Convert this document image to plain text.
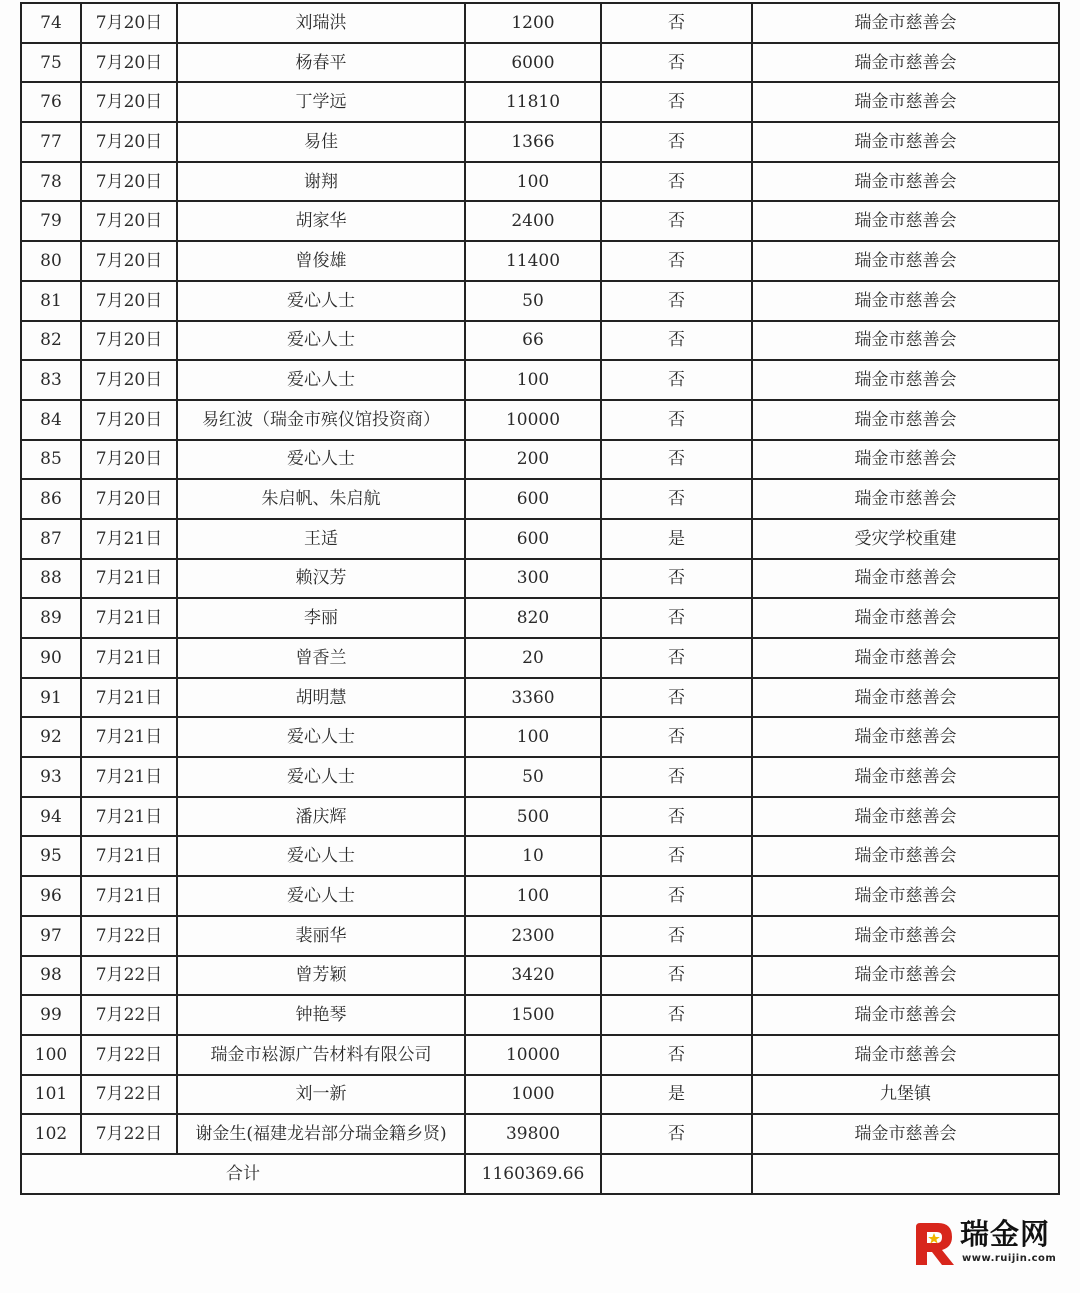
74	7月20日	刘瑞洪	1200	否	瑞金市慈善会
75	7月20日	杨春平	6000	否	瑞金市慈善会
76	7月20日	丁学远	11810	否	瑞金市慈善会
77	7月20日	易佳	1366	否	瑞金市慈善会
78	7月20日	谢翔	100	否	瑞金市慈善会
79	7月20日	胡家华	2400	否	瑞金市慈善会
80	7月20日	曾俊雄	11400	否	瑞金市慈善会
81	7月20日	爱心人士	50	否	瑞金市慈善会
82	7月20日	爱心人士	66	否	瑞金市慈善会
83	7月20日	爱心人士	100	否	瑞金市慈善会
84	7月20日	易红波（瑞金市殡仪馆投资商）	10000	否	瑞金市慈善会
85	7月20日	爱心人士	200	否	瑞金市慈善会
86	7月20日	朱启帆、朱启航	600	否	瑞金市慈善会
87	7月21日	王适	600	是	受灾学校重建
88	7月21日	赖汉芳	300	否	瑞金市慈善会
89	7月21日	李丽	820	否	瑞金市慈善会
90	7月21日	曾香兰	20	否	瑞金市慈善会
91	7月21日	胡明慧	3360	否	瑞金市慈善会
92	7月21日	爱心人士	100	否	瑞金市慈善会
93	7月21日	爱心人士	50	否	瑞金市慈善会
94	7月21日	潘庆辉	500	否	瑞金市慈善会
95	7月21日	爱心人士	10	否	瑞金市慈善会
96	7月21日	爱心人士	100	否	瑞金市慈善会
97	7月22日	裴丽华	2300	否	瑞金市慈善会
98	7月22日	曾芳颖	3420	否	瑞金市慈善会
99	7月22日	钟艳琴	1500	否	瑞金市慈善会
100	7月22日	瑞金市崧源广告材料有限公司	10000	否	瑞金市慈善会
101	7月22日	刘一新	1000	是	九堡镇
102	7月22日	谢金生(福建龙岩部分瑞金籍乡贤)	39800	否	瑞金市慈善会
合计			1160369.66		
瑞金网
www.ruijin.com
